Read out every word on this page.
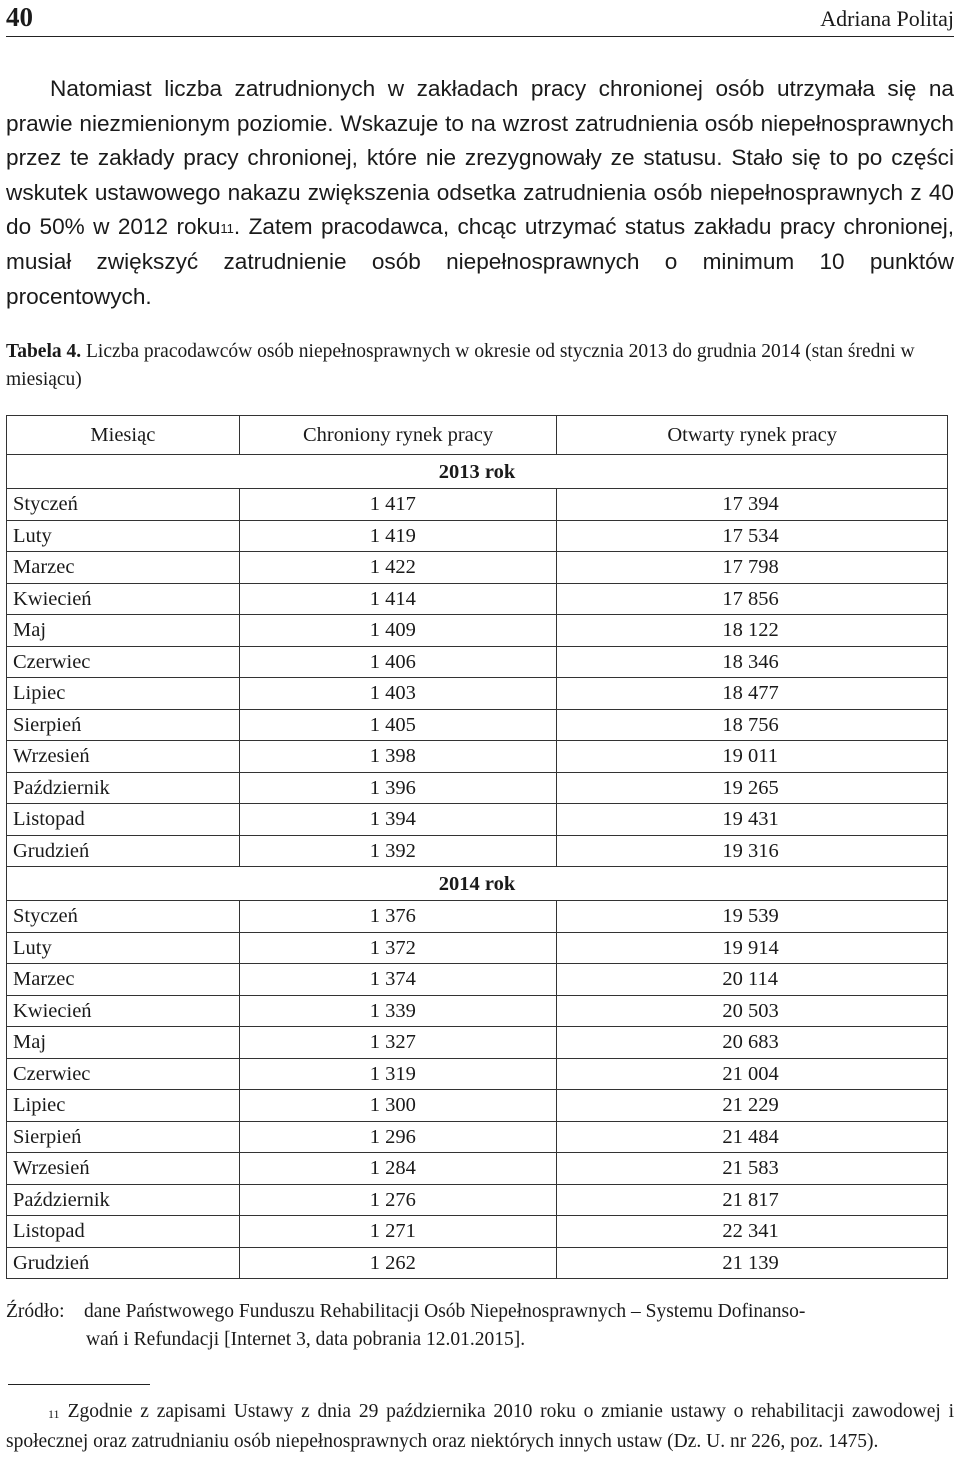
40	Adriana Politaj

Natomiast liczba zatrudnionych w zakładach pracy chronionej osób utrzymała się na prawie niezmienionym poziomie. Wskazuje to na wzrost zatrudnienia osób niepełnosprawnych przez te zakłady pracy chronionej, które nie zrezygnowały ze statusu. Stało się to po części wskutek ustawowego nakazu zwiększenia odsetka zatrudnienia osób niepełnosprawnych z 40 do 50% w 2012 roku$^{11}$. Zatem pracodawca, chcąc utrzymać status zakładu pracy chronionej, musiał zwiększyć zatrudnienie osób niepełnosprawnych o minimum 10 punktów procentowych.

Tabela 4. Liczba pracodawców osób niepełnosprawnych w okresie od stycznia 2013 do grudnia 2014 (stan średni w miesiącu)
Miesiąc	Chroniony rynek pracy	Otwarty rynek pracy
2013 rok		
Styczeń	1 417	17 394
Luty	1 419	17 534
Marzec	1 422	17 798
Kwiecień	1 414	17 856
Maj	1 409	18 122
Czerwiec	1 406	18 346
Lipiec	1 403	18 477
Sierpień	1 405	18 756
Wrzesień	1 398	19 011
Październik	1 396	19 265
Listopad	1 394	19 431
Grudzień	1 392	19 316
2014 rok		
Styczeń	1 376	19 539
Luty	1 372	19 914
Marzec	1 374	20 114
Kwiecień	1 339	20 503
Maj	1 327	20 683
Czerwiec	1 319	21 004
Lipiec	1 300	21 229
Sierpień	1 296	21 484
Wrzesień	1 284	21 583
Październik	1 276	21 817
Listopad	1 271	22 341
Grudzień	1 262	21 139
Źródło: dane Państwowego Funduszu Rehabilitacji Osób Niepełnosprawnych – Systemu Dofinanso-
wań i Refundacji [Internet 3, data pobrania 12.01.2015].
$^{11}$ Zgodnie z zapisami Ustawy z dnia 29 października 2010 roku o zmianie ustawy o rehabilitacji zawodowej i społecznej oraz zatrudnianiu osób niepełnosprawnych oraz niektórych innych ustaw (Dz. U. nr 226, poz. 1475).
